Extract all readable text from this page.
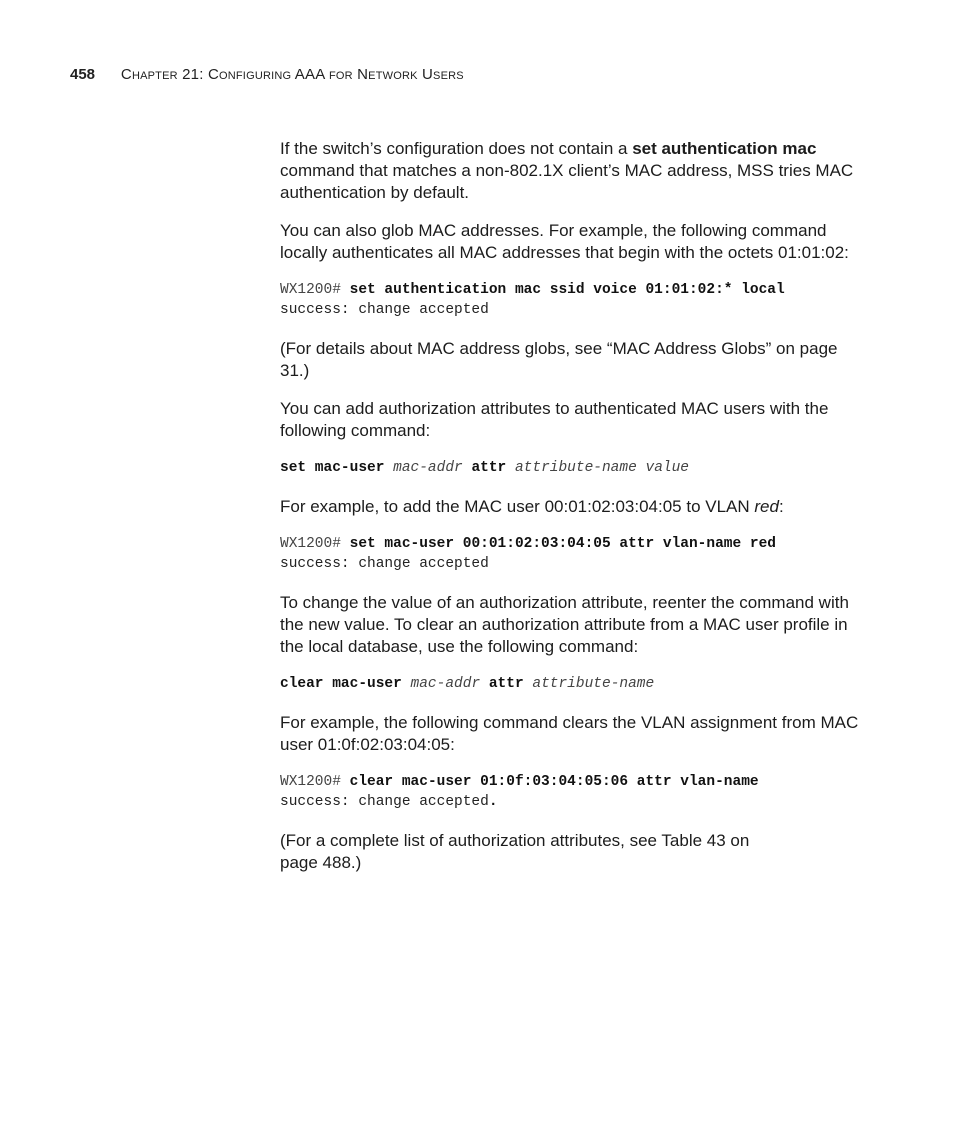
458 Chapter 21: Configuring AAA for Network Users

If the switch’s configuration does not contain a set authentication mac command that matches a non-802.1X client’s MAC address, MSS tries MAC authentication by default.

You can also glob MAC addresses. For example, the following command locally authenticates all MAC addresses that begin with the octets 01:01:02:

WX1200# set authentication mac ssid voice 01:01:02:* local
success: change accepted

(For details about MAC address globs, see “MAC Address Globs” on page 31.)

You can add authorization attributes to authenticated MAC users with the following command:

set mac-user mac-addr attr attribute-name value

For example, to add the MAC user 00:01:02:03:04:05 to VLAN red:

WX1200# set mac-user 00:01:02:03:04:05 attr vlan-name red
success: change accepted

To change the value of an authorization attribute, reenter the command with the new value. To clear an authorization attribute from a MAC user profile in the local database, use the following command:

clear mac-user mac-addr attr attribute-name

For example, the following command clears the VLAN assignment from MAC user 01:0f:02:03:04:05:

WX1200# clear mac-user 01:0f:03:04:05:06 attr vlan-name
success: change accepted.

(For a complete list of authorization attributes, see Table 43 on
page 488.)
